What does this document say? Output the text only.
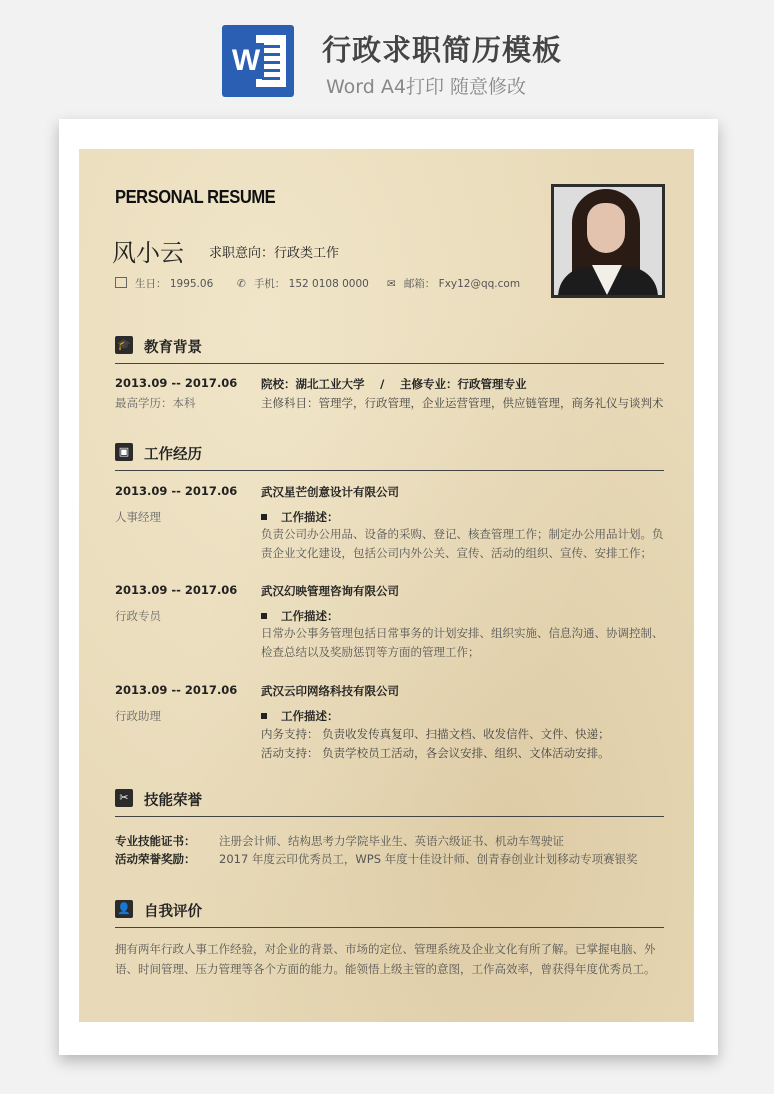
W 行政求职简历模板
Word A4打印 随意修改
PERSONAL RESUME
风小云 求职意向：行政类工作
生日： 1995.06 ✆ 手机： 152 0108 0000 ✉ 邮箱： Fxy12@qq.com
🎓 教育背景
2013.09 -- 2017.06 院校：湖北工业大学 / 主修专业：行政管理专业
最高学历：本科	主修科目：管理学，行政管理，企业运营管理，供应链管理，商务礼仪与谈判术
▣ 工作经历
2013.09 -- 2017.06 武汉星芒创意设计有限公司
人事经理	工作描述：
负责公司办公用品、设备的采购、登记、核查管理工作；制定办公用品计划。负责企业文化建设，包括公司内外公关、宣传、活动的组织、宣传、安排工作；
2013.09 -- 2017.06 武汉幻映管理咨询有限公司
行政专员	工作描述：
日常办公事务管理包括日常事务的计划安排、组织实施、信息沟通、协调控制、检查总结以及奖励惩罚等方面的管理工作；
2013.09 -- 2017.06 武汉云印网络科技有限公司
行政助理	工作描述：
内务支持： 负责收发传真复印、扫描文档、收发信件、文件、快递；
活动支持： 负责学校员工活动，各会议安排、组织、文体活动安排。
✂	技能荣誉
专业技能证书： 注册会计师、结构思考力学院毕业生、英语六级证书、机动车驾驶证
活动荣誉奖励： 2017 年度云印优秀员工，WPS 年度十佳设计师、创青春创业计划移动专项赛银奖
👤 自我评价
拥有两年行政人事工作经验，对企业的背景、市场的定位、管理系统及企业文化有所了解。已掌握电脑、外语、时间管理、压力管理等各个方面的能力。能领悟上级主管的意图，工作高效率，曾获得年度优秀员工。
